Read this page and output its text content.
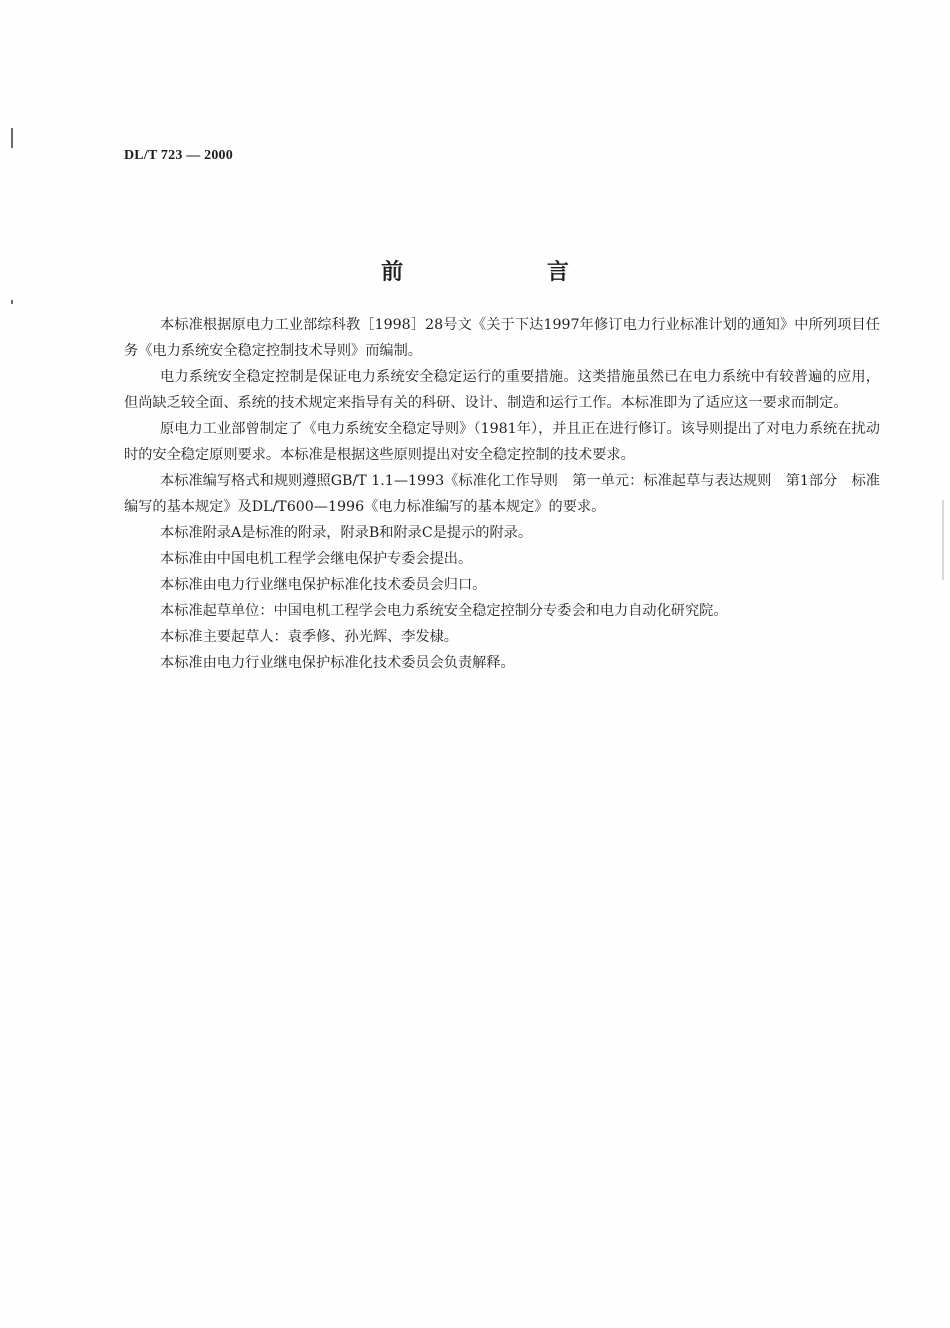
DL/T 723 — 2000
前 言

本标准根据原电力工业部综科教［1998］28号文《关于下达1997年修订电力行业标准计划的通知》中所列项目任务《电力系统安全稳定控制技术导则》而编制。

电力系统安全稳定控制是保证电力系统安全稳定运行的重要措施。这类措施虽然已在电力系统中有较普遍的应用，但尚缺乏较全面、系统的技术规定来指导有关的科研、设计、制造和运行工作。本标准即为了适应这一要求而制定。

原电力工业部曾制定了《电力系统安全稳定导则》（1981年），并且正在进行修订。该导则提出了对电力系统在扰动时的安全稳定原则要求。本标准是根据这些原则提出对安全稳定控制的技术要求。

本标准编写格式和规则遵照GB/T 1.1—1993《标准化工作导则　第一单元：标准起草与表达规则　第1部分　标准编写的基本规定》及DL/T600—1996《电力标准编写的基本规定》的要求。

本标准附录A是标准的附录，附录B和附录C是提示的附录。

本标准由中国电机工程学会继电保护专委会提出。

本标准由电力行业继电保护标准化技术委员会归口。

本标准起草单位：中国电机工程学会电力系统安全稳定控制分专委会和电力自动化研究院。

本标准主要起草人：袁季修、孙光辉、李发棣。

本标准由电力行业继电保护标准化技术委员会负责解释。
